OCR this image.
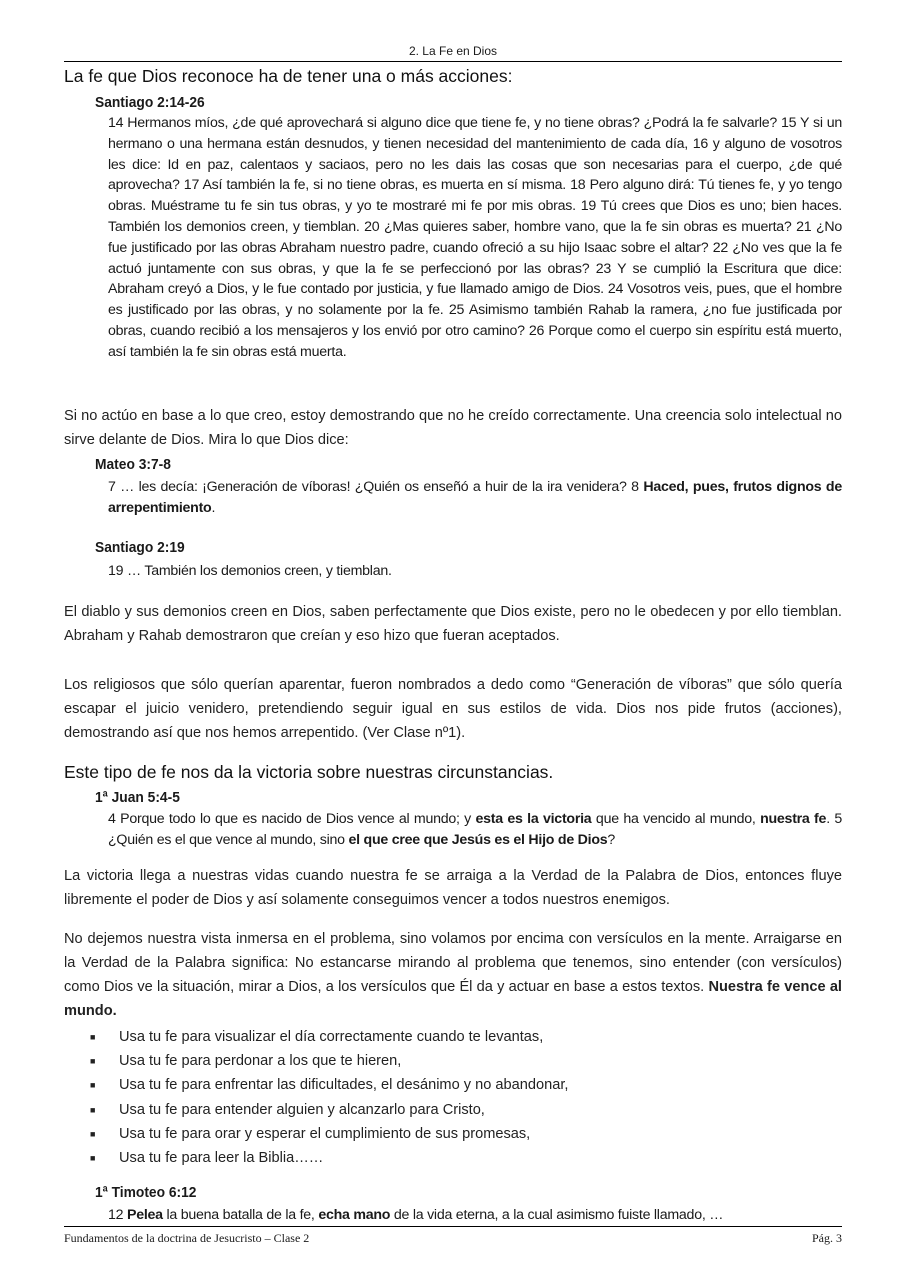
2. La Fe en Dios
La fe que Dios reconoce ha de tener una o más acciones:
Santiago 2:14-26
14 Hermanos míos, ¿de qué aprovechará si alguno dice que tiene fe, y no tiene obras? ¿Podrá la fe salvarle? 15 Y si un hermano o una hermana están desnudos, y tienen necesidad del mantenimiento de cada día, 16 y alguno de vosotros les dice: Id en paz, calentaos y saciaos, pero no les dais las cosas que son necesarias para el cuerpo, ¿de qué aprovecha? 17 Así también la fe, si no tiene obras, es muerta en sí misma. 18 Pero alguno dirá: Tú tienes fe, y yo tengo obras. Muéstrame tu fe sin tus obras, y yo te mostraré mi fe por mis obras. 19 Tú crees que Dios es uno; bien haces. También los demonios creen, y tiemblan. 20 ¿Mas quieres saber, hombre vano, que la fe sin obras es muerta? 21 ¿No fue justificado por las obras Abraham nuestro padre, cuando ofreció a su hijo Isaac sobre el altar? 22 ¿No ves que la fe actuó juntamente con sus obras, y que la fe se perfeccionó por las obras? 23 Y se cumplió la Escritura que dice: Abraham creyó a Dios, y le fue contado por justicia, y fue llamado amigo de Dios. 24 Vosotros veis, pues, que el hombre es justificado por las obras, y no solamente por la fe. 25 Asimismo también Rahab la ramera, ¿no fue justificada por obras, cuando recibió a los mensajeros y los envió por otro camino? 26 Porque como el cuerpo sin espíritu está muerto, así también la fe sin obras está muerta.
Si no actúo en base a lo que creo, estoy demostrando que no he creído correctamente. Una creencia solo intelectual no sirve delante de Dios. Mira lo que Dios dice:
Mateo 3:7-8
7 … les decía: ¡Generación de víboras! ¿Quién os enseñó a huir de la ira venidera? 8 Haced, pues, frutos dignos de arrepentimiento.
Santiago 2:19
19 … También los demonios creen, y tiemblan.
El diablo y sus demonios creen en Dios, saben perfectamente que Dios existe, pero no le obedecen y por ello tiemblan. Abraham y Rahab demostraron que creían y eso hizo que fueran aceptados.
Los religiosos que sólo querían aparentar, fueron nombrados a dedo como “Generación de víboras” que sólo quería escapar el juicio venidero, pretendiendo seguir igual en sus estilos de vida. Dios nos pide frutos (acciones), demostrando así que nos hemos arrepentido. (Ver Clase nº1).
Este tipo de fe nos da la victoria sobre nuestras circunstancias.
1ª Juan 5:4-5
4 Porque todo lo que es nacido de Dios vence al mundo; y esta es la victoria que ha vencido al mundo, nuestra fe. 5 ¿Quién es el que vence al mundo, sino el que cree que Jesús es el Hijo de Dios?
La victoria llega a nuestras vidas cuando nuestra fe se arraiga a la Verdad de la Palabra de Dios, entonces fluye libremente el poder de Dios y así solamente conseguimos vencer a todos nuestros enemigos.
No dejemos nuestra vista inmersa en el problema, sino volamos por encima con versículos en la mente. Arraigarse en la Verdad de la Palabra significa: No estancarse mirando al problema que tenemos, sino entender (con versículos) como Dios ve la situación, mirar a Dios, a los versículos que Él da y actuar en base a estos textos. Nuestra fe vence al mundo.
■ Usa tu fe para visualizar el día correctamente cuando te levantas,
■ Usa tu fe para perdonar a los que te hieren,
■ Usa tu fe para enfrentar las dificultades, el desánimo y no abandonar,
■ Usa tu fe para entender alguien y alcanzarlo para Cristo,
■ Usa tu fe para orar y esperar el cumplimiento de sus promesas,
■ Usa tu fe para leer la Biblia……
1ª Timoteo 6:12
12 Pelea la buena batalla de la fe, echa mano de la vida eterna, a la cual asimismo fuiste llamado, …
Fundamentos de la doctrina de Jesucristo – Clase 2	Pág. 3
